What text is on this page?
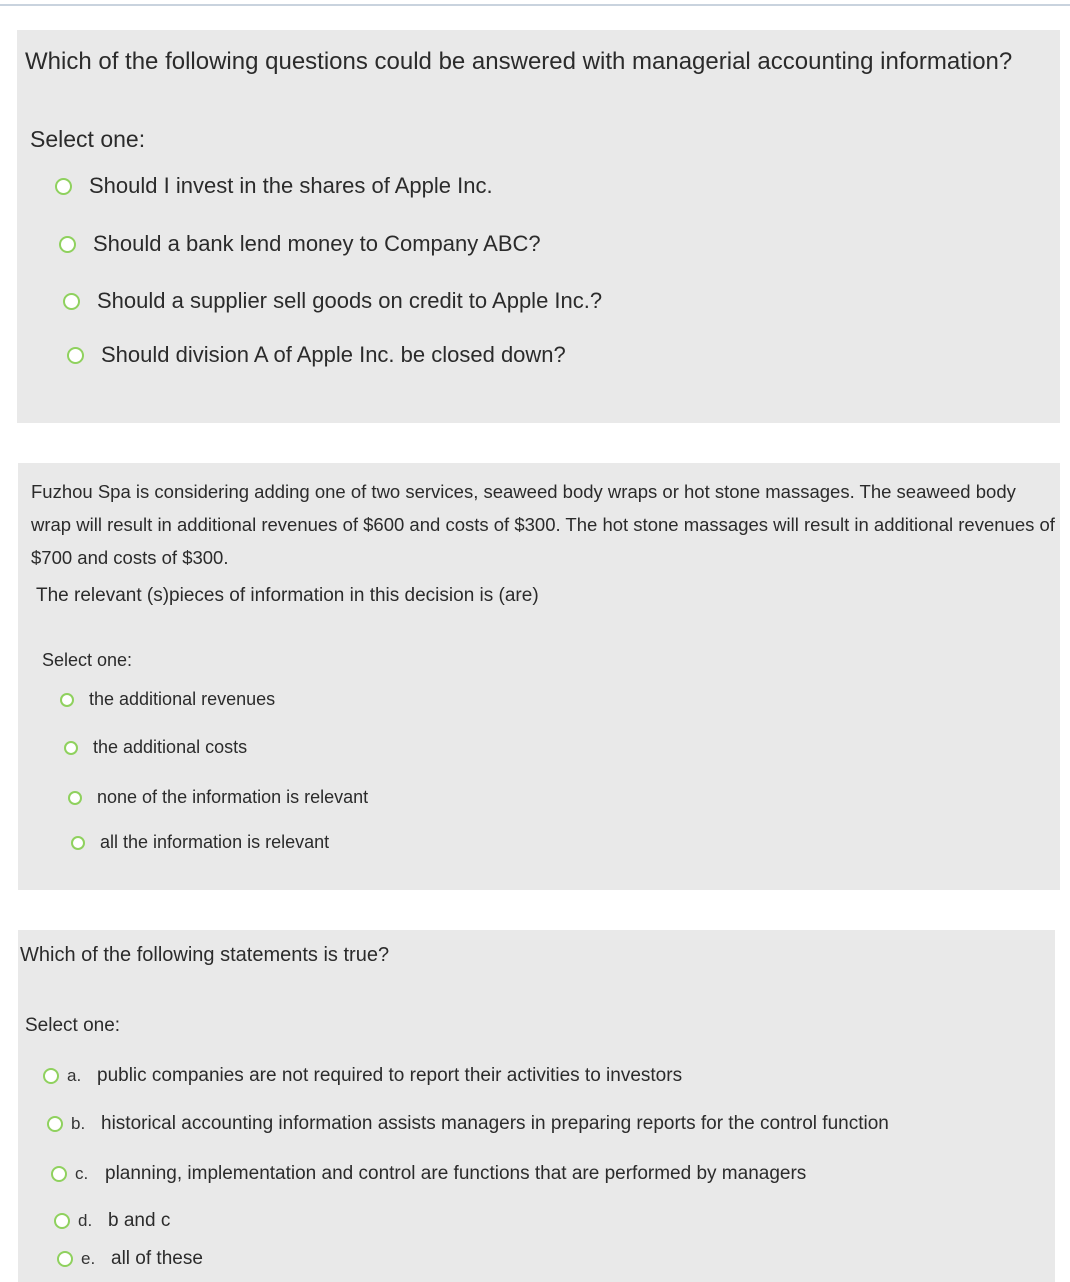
Which of the following questions could be answered with managerial accounting information?

Select one:

Should I invest in the shares of Apple Inc.
Should a bank lend money to Company ABC?
Should a supplier sell goods on credit to Apple Inc.?
Should division A of Apple Inc. be closed down?

Fuzhou Spa is considering adding one of two services, seaweed body wraps or hot stone massages. The seaweed body wrap will result in additional revenues of $600 and costs of $300. The hot stone massages will result in additional revenues of $700 and costs of $300.

The relevant (s)pieces of information in this decision is (are)

Select one:

the additional revenues
the additional costs
none of the information is relevant
all the information is relevant

Which of the following statements is true?

Select one:

a. public companies are not required to report their activities to investors
b. historical accounting information assists managers in preparing reports for the control function
c. planning, implementation and control are functions that are performed by managers
d. b and c
e. all of these
